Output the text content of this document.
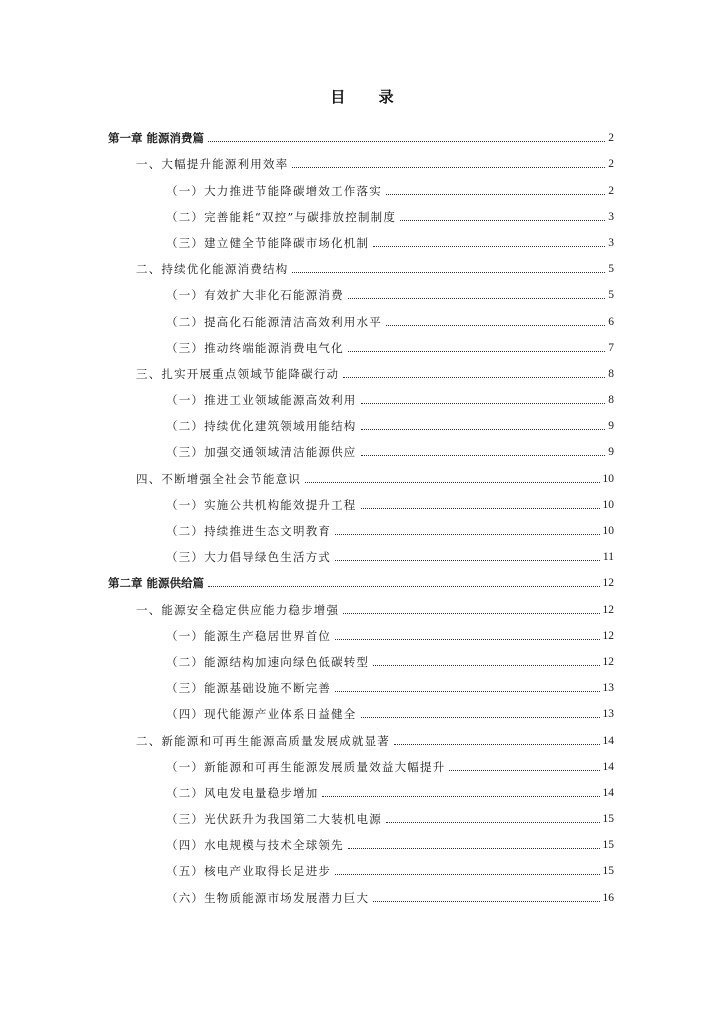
目 录
第一章 能源消费篇	2
一、大幅提升能源利用效率	2
（一）大力推进节能降碳增效工作落实	2
（二）完善能耗“双控”与碳排放控制制度	3
（三）建立健全节能降碳市场化机制	3
二、持续优化能源消费结构	5
（一）有效扩大非化石能源消费	5
（二）提高化石能源清洁高效利用水平	6
（三）推动终端能源消费电气化	7
三、扎实开展重点领域节能降碳行动	8
（一）推进工业领域能源高效利用	8
（二）持续优化建筑领域用能结构	9
（三）加强交通领域清洁能源供应	9
四、不断增强全社会节能意识	10
（一）实施公共机构能效提升工程	10
（二）持续推进生态文明教育	10
（三）大力倡导绿色生活方式	11
第二章 能源供给篇	12
一、能源安全稳定供应能力稳步增强	12
（一）能源生产稳居世界首位	12
（二）能源结构加速向绿色低碳转型	12
（三）能源基础设施不断完善	13
（四）现代能源产业体系日益健全	13
二、新能源和可再生能源高质量发展成就显著	14
（一）新能源和可再生能源发展质量效益大幅提升	14
（二）风电发电量稳步增加	14
（三）光伏跃升为我国第二大装机电源	15
（四）水电规模与技术全球领先	15
（五）核电产业取得长足进步	15
（六）生物质能源市场发展潜力巨大	16
